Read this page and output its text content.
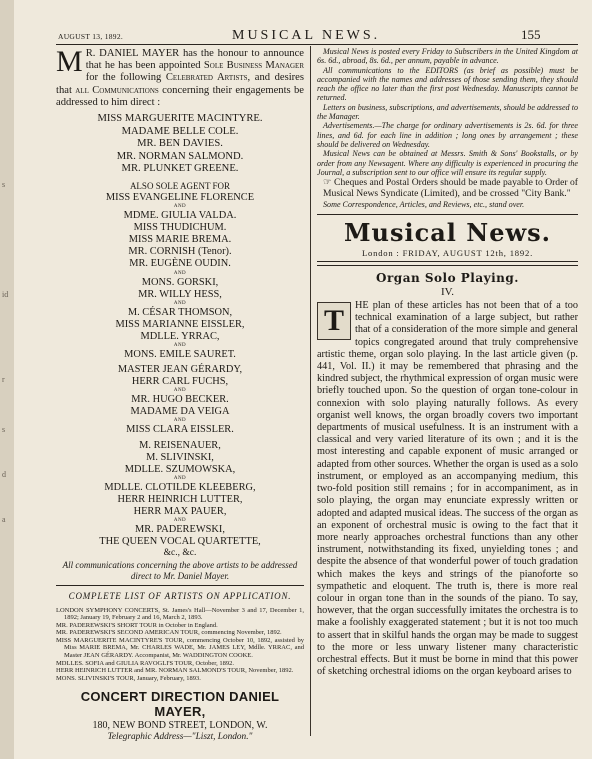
s
id
r
s
d
a
AUGUST 13, 1892.	MUSICAL NEWS.	155

M R. DANIEL MAYER has the honour to announce that he has been appointed Sole Business Manager for the following Celebrated Artists, and desires that all Communications concerning their engagements be addressed to him direct :

MISS MARGUERITE MACINTYRE.
MADAME BELLE COLE.
MR. BEN DAVIES.
MR. NORMAN SALMOND.
MR. PLUNKET GREENE.
ALSO SOLE AGENT FOR
MISS EVANGELINE FLORENCE
AND
MDME. GIULIA VALDA.
MISS THUDICHUM.
MISS MARIE BREMA.
MR. CORNISH (Tenor).
MR. EUGÈNE OUDIN.
AND
MONS. GORSKI,
MR. WILLY HESS,
AND
M. CÉSAR THOMSON,
MISS MARIANNE EISSLER,
MDLLE. YRRAC,
AND
MONS. EMILE SAURET.
MASTER JEAN GÉRARDY,
HERR CARL FUCHS,
AND
MR. HUGO BECKER.
MADAME DA VEIGA
AND
MISS CLARA EISSLER.
M. REISENAUER,
M. SLIVINSKI,
MDLLE. SZUMOWSKA,
AND
MDLLE. CLOTILDE KLEEBERG,
HERR HEINRICH LUTTER,
HERR MAX PAUER,
AND
MR. PADEREWSKI,
THE QUEEN VOCAL QUARTETTE,
&c., &c.

All communications concerning the above artists to be addressed direct to Mr. Daniel Mayer.

COMPLETE LIST OF ARTISTS ON APPLICATION.

LONDON SYMPHONY CONCERTS, St. James's Hall—November 3 and 17, December 1, 1892; January 19, February 2 and 16, March 2, 1893.

MR. PADEREWSKI'S SHORT TOUR in October in England.

MR. PADEREWSKI'S SECOND AMERICAN TOUR, commencing November, 1892.

MISS MARGUERITE MACINTYRE'S TOUR, commencing October 10, 1892, assisted by Miss MARIE BREMA, Mr. CHARLES WADE, Mr. JAMES LEY, Mdlle. YRRAC, and Master JEAN GÉRARDY. Accompanist, Mr. WADDINGTON COOKE.

MDLLES. SOFIA and GIULIA RAVOGLI'S TOUR, October, 1892.

HERR HEINRICH LUTTER and MR. NORMAN SALMOND'S TOUR, November, 1892.

MONS. SLIVINSKI'S TOUR, January, February, 1893.

CONCERT DIRECTION DANIEL MAYER,
180, NEW BOND STREET, LONDON, W.
Telegraphic Address—"Liszt, London."

Musical News is posted every Friday to Subscribers in the United Kingdom at 6s. 6d., abroad, 8s. 6d., per annum, payable in advance.

All communications to the EDITORS (as brief as possible) must be accompanied with the names and addresses of those sending them, they should reach the office no later than the first post Wednesday. Manuscripts cannot be returned.

Letters on business, subscriptions, and advertisements, should be addressed to the Manager.

Advertisements.—The charge for ordinary advertisements is 2s. 6d. for three lines, and 6d. for each line in addition ; long ones by arrangement ; these should be delivered on Wednesday.

Musical News can be obtained at Messrs. Smith & Sons' Bookstalls, or by order from any Newsagent. Where any difficulty is experienced in procuring the Journal, a subscription sent to our office will ensure its regular supply.

☞ Cheques and Postal Orders should be made payable to Order of Musical News Syndicate (Limited), and be crossed "City Bank."

Some Correspondence, Articles, and Reviews, etc., stand over.

Musical News.
London : FRIDAY, AUGUST 12th, 1892.
Organ Solo Playing.
IV.

T	HE plan of these articles has not been that of a too technical examination of a large subject, but rather that of a consideration of the more simple and general topics congregated around that truly comprehensive artistic theme, organ solo playing. In the last article given (p. 441, Vol. II.) it may be remembered that phrasing and the kindred subject, the rhythmical expression of organ music were briefly touched upon. So the question of organ tone-colour in connexion with solo playing naturally follows. As every organist well knows, the organ broadly covers two important departments of musical usefulness. It is an instrument with a classical and very varied literature of its own ; and it is the most interesting and capable exponent of music arranged or adapted from other sources. Whether the organ is used as a solo instrument, or employed as an accompanying medium, this two-fold position still remains ; for in accompaniment, as in solo playing, the organ may enunciate expressly written or adopted and adapted musical ideas. The success of the organ as an exponent of orchestral music is owing to the fact that it more nearly approaches orchestral functions than any other instrument, notwithstanding its fixed, unyielding tones ; and despite the absence of that wonderful power of touch gradation which makes the keys and strings of the pianoforte so sympathetic and eloquent. The truth is, there is more real colour in organ tone than in the sounds of the piano. To say, however, that the organ successfully imitates the orchestra is to make a foolishly exaggerated statement ; but it is not too much to assert that in skilful hands the organ may be made to suggest to the more or less unwary listener many characteristic orchestral effects. But it must be borne in mind that this power of sketching orchestral idioms on the organ keyboard arises to
